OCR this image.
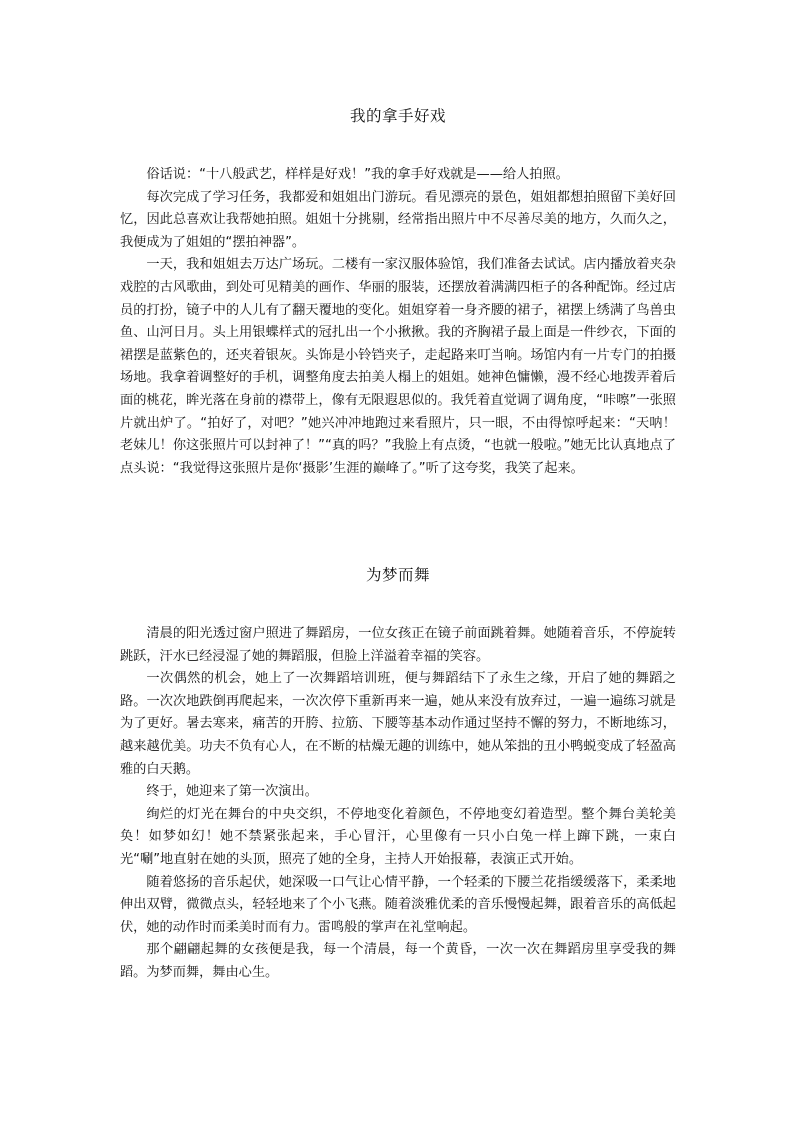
我的拿手好戏

俗话说：“十八般武艺，样样是好戏！”我的拿手好戏就是——给人拍照。

每次完成了学习任务，我都爱和姐姐出门游玩。看见漂亮的景色，姐姐都想拍照留下美好回忆，因此总喜欢让我帮她拍照。姐姐十分挑剔，经常指出照片中不尽善尽美的地方，久而久之，我便成为了姐姐的“摆拍神器”。

一天，我和姐姐去万达广场玩。二楼有一家汉服体验馆，我们准备去试试。店内播放着夹杂戏腔的古风歌曲，到处可见精美的画作、华丽的服装，还摆放着满满四柜子的各种配饰。经过店员的打扮，镜子中的人儿有了翻天覆地的变化。姐姐穿着一身齐腰的裙子，裙摆上绣满了鸟兽虫鱼、山河日月。头上用银蝶样式的冠扎出一个小揪揪。我的齐胸裙子最上面是一件纱衣，下面的裙摆是蓝紫色的，还夹着银灰。头饰是小铃铛夹子，走起路来叮当响。场馆内有一片专门的拍摄场地。我拿着调整好的手机，调整角度去拍美人榻上的姐姐。她神色慵懒，漫不经心地拨弄着后面的桃花，眸光落在身前的襟带上，像有无限遐思似的。我凭着直觉调了调角度，“咔嚓”一张照片就出炉了。“拍好了，对吧？”她兴冲冲地跑过来看照片，只一眼，不由得惊呼起来：“天呐！老妹儿！你这张照片可以封神了！”“真的吗？”我脸上有点烫，“也就一般啦。”她无比认真地点了点头说：“我觉得这张照片是你‘摄影’生涯的巅峰了。”听了这夸奖，我笑了起来。

为梦而舞

清晨的阳光透过窗户照进了舞蹈房，一位女孩正在镜子前面跳着舞。她随着音乐，不停旋转跳跃，汗水已经浸湿了她的舞蹈服，但脸上洋溢着幸福的笑容。

一次偶然的机会，她上了一次舞蹈培训班，便与舞蹈结下了永生之缘，开启了她的舞蹈之路。一次次地跌倒再爬起来，一次次停下重新再来一遍，她从来没有放弃过，一遍一遍练习就是为了更好。暑去寒来，痛苦的开胯、拉筋、下腰等基本动作通过坚持不懈的努力，不断地练习，越来越优美。功夫不负有心人，在不断的枯燥无趣的训练中，她从笨拙的丑小鸭蜕变成了轻盈高雅的白天鹅。

终于，她迎来了第一次演出。

绚烂的灯光在舞台的中央交织，不停地变化着颜色，不停地变幻着造型。整个舞台美轮美奂！如梦如幻！她不禁紧张起来，手心冒汗，心里像有一只小白兔一样上蹿下跳，一束白光“唰”地直射在她的头顶，照亮了她的全身，主持人开始报幕，表演正式开始。

随着悠扬的音乐起伏，她深吸一口气让心情平静，一个轻柔的下腰兰花指缓缓落下，柔柔地伸出双臂，微微点头，轻轻地来了个小飞燕。随着淡雅优柔的音乐慢慢起舞，跟着音乐的高低起伏，她的动作时而柔美时而有力。雷鸣般的掌声在礼堂响起。

那个翩翩起舞的女孩便是我，每一个清晨，每一个黄昏，一次一次在舞蹈房里享受我的舞蹈。为梦而舞，舞由心生。
